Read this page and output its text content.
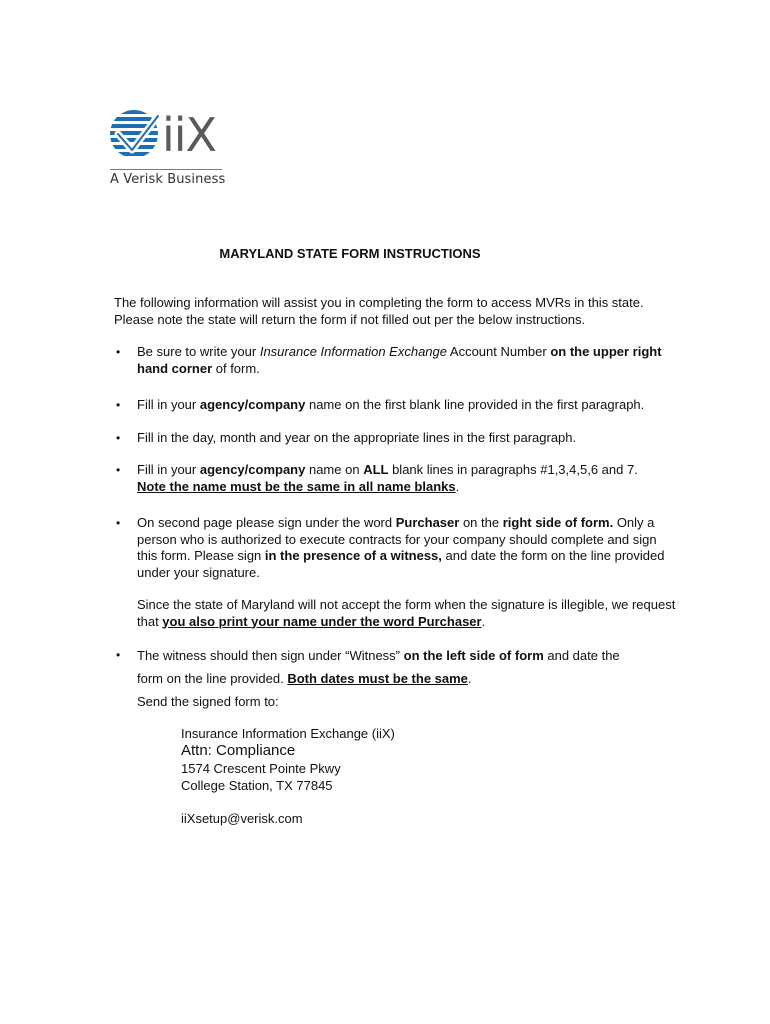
iiX
A Verisk Business
MARYLAND STATE FORM INSTRUCTIONS
The following information will assist you in completing the form to access MVRs in this state.
Please note the state will return the form if not filled out per the below instructions.
• Be sure to write your Insurance Information Exchange Account Number on the upper right hand corner of form.
• Fill in your agency/company name on the first blank line provided in the first paragraph.
• Fill in the day, month and year on the appropriate lines in the first paragraph.
• Fill in your agency/company name on ALL blank lines in paragraphs #1,3,4,5,6 and 7.
Note the name must be the same in all name blanks.
• On second page please sign under the word Purchaser on the right side of form. Only a person who is authorized to execute contracts for your company should complete and sign this form. Please sign in the presence of a witness, and date the form on the line provided under your signature.
Since the state of Maryland will not accept the form when the signature is illegible, we request that you also print your name under the word Purchaser.
• The witness should then sign under “Witness” on the left side of form and date the
form on the line provided. Both dates must be the same.
Send the signed form to:
Insurance Information Exchange (iiX)
Attn: Compliance
1574 Crescent Pointe Pkwy
College Station, TX 77845
iiXsetup@verisk.com
